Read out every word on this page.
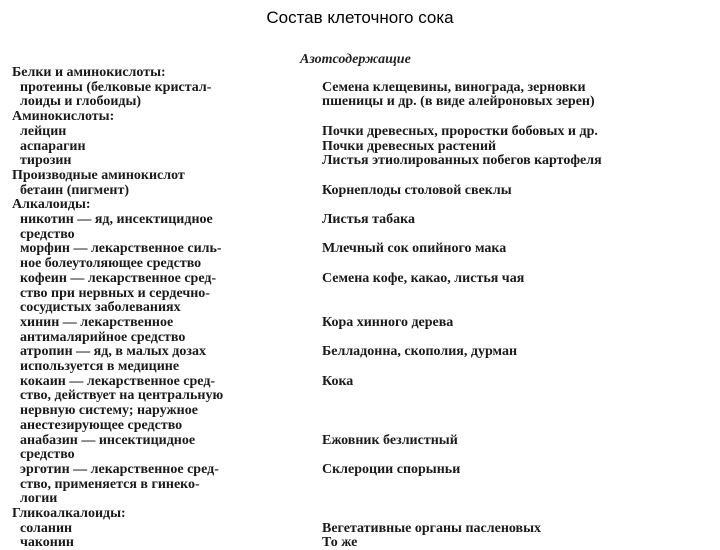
Состав клеточного сока
Азотсодержащие
Белки и аминокислоты:
протеины (белковые кристал-	Семена клещевины, винограда, зерновки
лоиды и глобоиды)	пшеницы и др. (в виде алейроновых зерен)
Аминокислоты:
лейцин	Почки древесных, проростки бобовых и др.
аспарагин	Почки древесных растений
тирозин	Листья этиолированных побегов картофеля
Производные аминокислот
бетаин (пигмент)	Корнеплоды столовой свеклы
Алкалоиды:
никотин — яд, инсектицидное	Листья табака
средство
морфин — лекарственное силь-	Млечный сок опийного мака
ное болеутоляющее средство
кофеин — лекарственное сред-	Семена кофе, какао, листья чая
ство при нервных и сердечно-
сосудистых заболеваниях
хинин — лекарственное	Кора хинного дерева
антималярийное средство
атропин — яд, в малых дозах	Белладонна, скополия, дурман
используется в медицине
кокаин — лекарственное сред-	Кока
ство, действует на центральную
нервную систему; наружное
анестезирующее средство
анабазин — инсектицидное	Ежовник безлистный
средство
эрготин — лекарственное сред-	Склероции спорыньи
ство, применяется в гинеко-
логии
Гликоалкалоиды:
соланин	Вегетативные органы пасленовых
чаконин	То же
